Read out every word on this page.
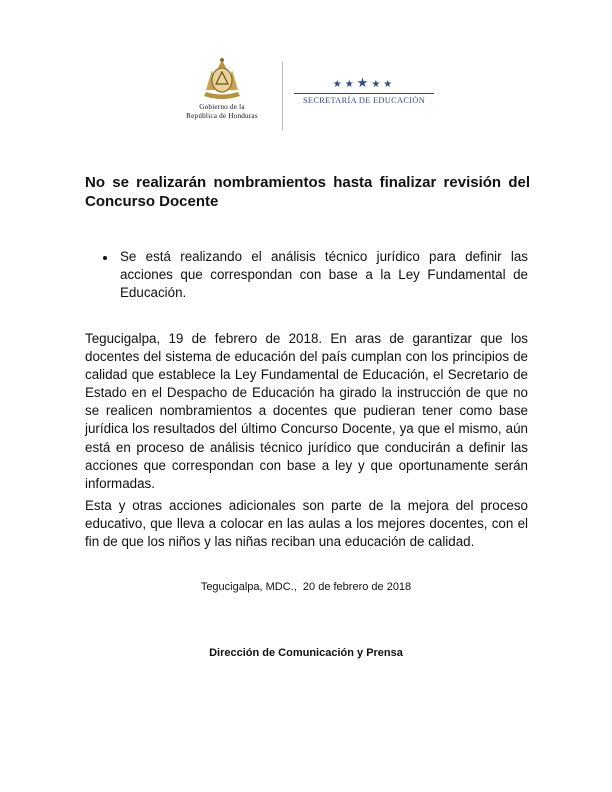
Gobierno de la
República de Honduras
★★★★★
SECRETARÍA DE EDUCACIÓN
No se realizarán nombramientos hasta finalizar revisión del Concurso Docente
Se está realizando el análisis técnico jurídico para definir las acciones que correspondan con base a la Ley Fundamental de Educación.

Tegucigalpa, 19 de febrero de 2018. En aras de garantizar que los docentes del sistema de educación del país cumplan con los principios de calidad que establece la Ley Fundamental de Educación, el Secretario de Estado en el Despacho de Educación ha girado la instrucción de que no se realicen nombramientos a docentes que pudieran tener como base jurídica los resultados del último Concurso Docente, ya que el mismo, aún está en proceso de análisis técnico jurídico que conducirán a definir las acciones que correspondan con base a ley y que oportunamente serán informadas.

Esta y otras acciones adicionales son parte de la mejora del proceso educativo, que lleva a colocar en las aulas a los mejores docentes, con el fin de que los niños y las niñas reciban una educación de calidad.

Tegucigalpa, MDC.,  20 de febrero de 2018
Dirección de Comunicación y Prensa
